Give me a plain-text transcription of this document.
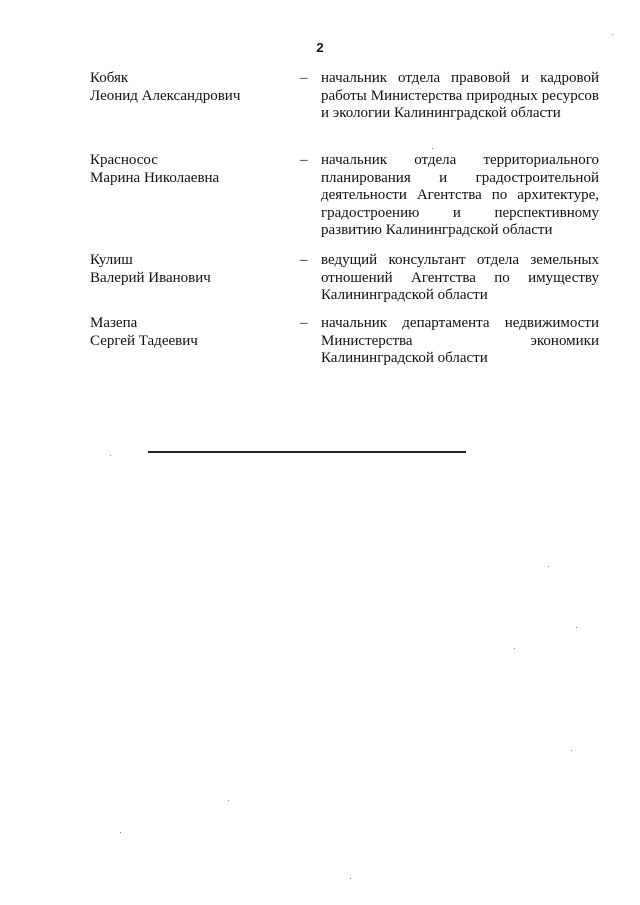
2
Кобяк
Леонид Александрович
– начальник отдела правовой и кадровой работы Министерства природных ресурсов и экологии Калининградской области
Красносос
Марина Николаевна
– начальник отдела территориального планирования и градостроительной деятельности Агентства по архитектуре, градостроению и перспективному развитию Калининградской области
Кулиш
Валерий Иванович
– ведущий консультант отдела земельных отношений Агентства по имуществу Калининградской области
Мазепа
Сергей Тадеевич
– начальник департамента недвижимости Министерства экономики Калининградской области
